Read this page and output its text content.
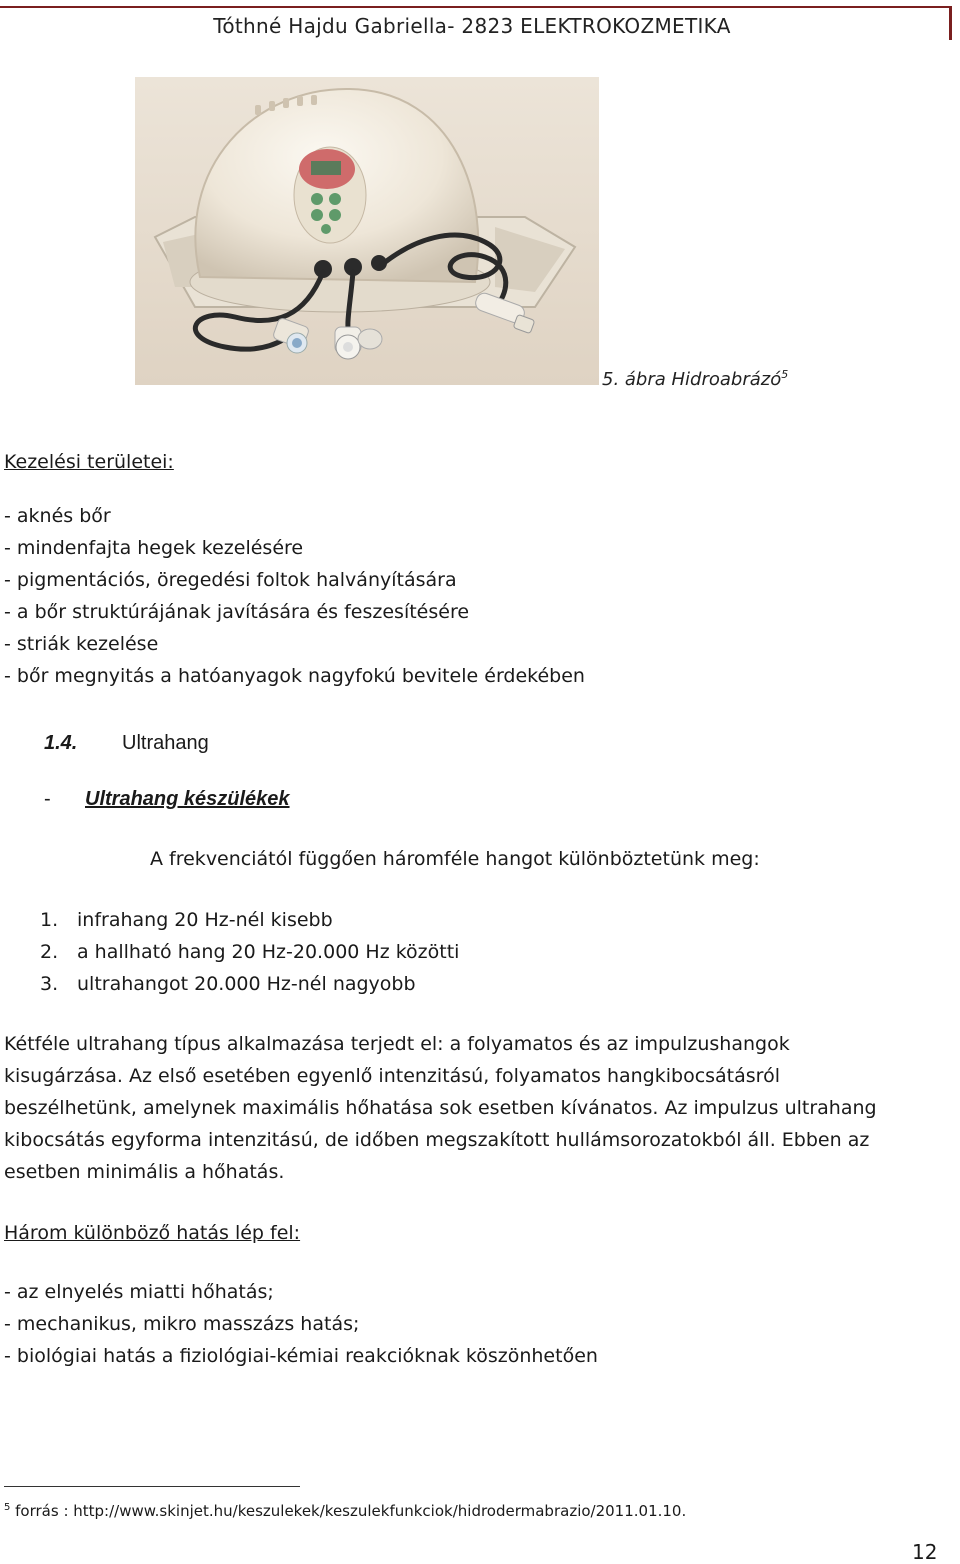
Tóthné Hajdu Gabriella- 2823 ELEKTROKOZMETIKA
5. ábra Hidroabrázó$^5$
Kezelési területei:
- aknés bőr
- mindenfajta hegek kezelésére
- pigmentációs, öregedési foltok halványítására
- a bőr struktúrájának javítására és feszesítésére
- striák kezelése
- bőr megnyitás a hatóanyagok nagyfokú bevitele érdekében
1.4. Ultrahang
-	Ultrahang készülékek
A frekvenciától függően háromféle hangot különböztetünk meg:
1. infrahang 20 Hz-nél kisebb
2. a hallható hang 20 Hz-20.000 Hz közötti
3. ultrahangot 20.000 Hz-nél nagyobb
Kétféle ultrahang típus alkalmazása terjedt el: a folyamatos és az impulzushangok
kisugárzása. Az első esetében egyenlő intenzitású, folyamatos hangkibocsátásról
beszélhetünk, amelynek maximális hőhatása sok esetben kívánatos. Az impulzus ultrahang
kibocsátás egyforma intenzitású, de időben megszakított hullámsorozatokból áll. Ebben az
esetben minimális a hőhatás.
Három különböző hatás lép fel:
- az elnyelés miatti hőhatás;
- mechanikus, mikro masszázs hatás;
- biológiai hatás a fiziológiai-kémiai reakcióknak köszönhetően
$^5$ forrás : http://www.skinjet.hu/keszulekek/keszulekfunkciok/hidrodermabrazio/2011.01.10.
12
